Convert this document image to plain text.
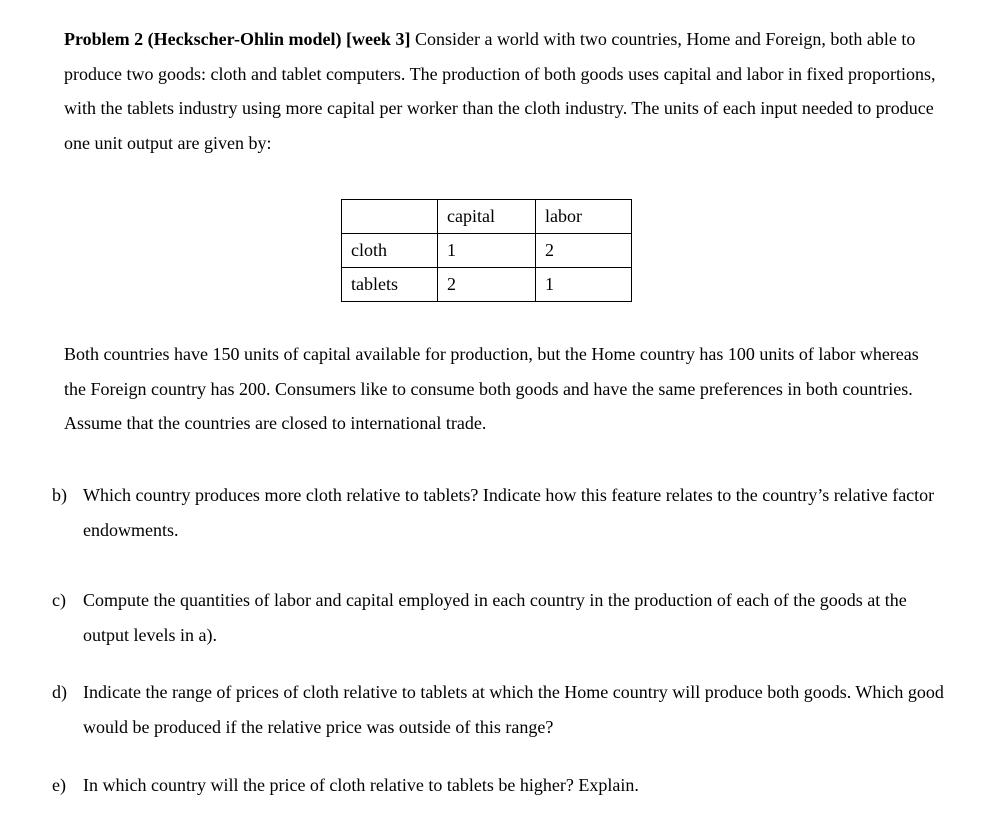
Problem 2 (Heckscher-Ohlin model) [week 3] Consider a world with two countries, Home and Foreign, both able to produce two goods: cloth and tablet computers. The production of both goods uses capital and labor in fixed proportions, with the tablets industry using more capital per worker than the cloth industry. The units of each input needed to produce one unit output are given by:

	capital	labor
cloth	1	2
tablets	2	1

Both countries have 150 units of capital available for production, but the Home country has 100 units of labor whereas the Foreign country has 200. Consumers like to consume both goods and have the same preferences in both countries. Assume that the countries are closed to international trade.

b) Which country produces more cloth relative to tablets? Indicate how this feature relates to the country’s relative factor endowments.
c) Compute the quantities of labor and capital employed in each country in the production of each of the goods at the output levels in a).
d) Indicate the range of prices of cloth relative to tablets at which the Home country will produce both goods. Which good would be produced if the relative price was outside of this range?
e) In which country will the price of cloth relative to tablets be higher? Explain.
